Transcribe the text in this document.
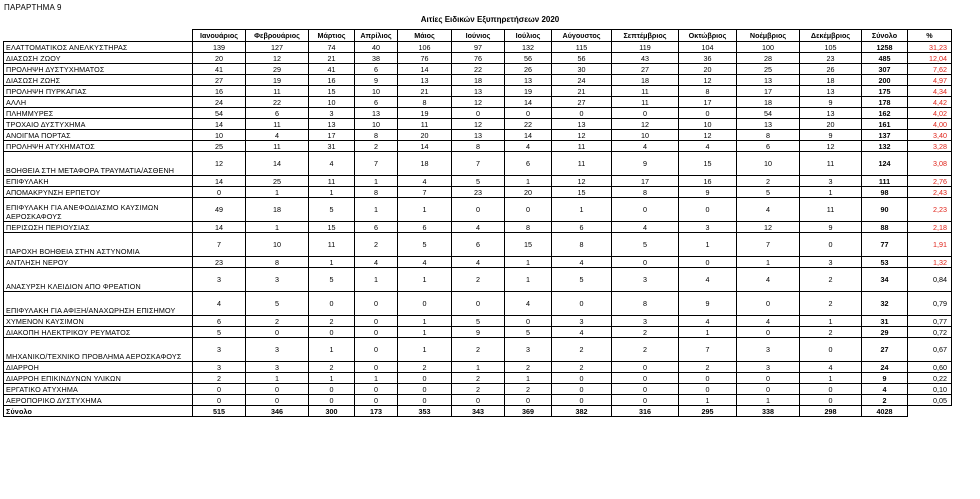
ΠΑΡΑΡΤΗΜΑ 9
Αιτίες Ειδικών Εξυπηρετήσεων 2020
	Ιανουάριος	Φεβρουάριος	Μάρτιος	Απρίλιος	Μάιος	Ιούνιος	Ιούλιος	Αύγουστος	Σεπτέμβριος	Οκτώβριος	Νοέμβριος	Δεκέμβριος	Σύνολο	%
ΕΛΑΤΤΟΜΑΤΙΚΟΣ ΑΝΕΛΚΥΣΤΗΡΑΣ	139	127	74	40	106	97	132	115	119	104	100	105	1258	31,23
ΔΙΑΣΩΣΗ ΖΩΟΥ	20	12	21	38	76	76	56	56	43	36	28	23	485	12,04
ΠΡΟΛΗΨΗ ΔΥΣΤΥΧΗΜΑΤΟΣ	41	29	41	6	14	22	26	30	27	20	25	26	307	7,62
ΔΙΑΣΩΣΗ ΖΩΗΣ	27	19	16	9	13	18	13	24	18	12	13	18	200	4,97
ΠΡΟΛΗΨΗ ΠΥΡΚΑΓΙΑΣ	16	11	15	10	21	13	19	21	11	8	17	13	175	4,34
ΑΛΛΗ	24	22	10	6	8	12	14	27	11	17	18	9	178	4,42
ΠΛΗΜΜΥΡΕΣ	54	6	3	13	19	0	0	0	0	0	54	13	162	4,02
ΤΡΟΧΑΙΟ ΔΥΣΤΥΧΗΜΑ	14	11	13	10	11	12	22	13	12	10	13	20	161	4,00
ΑΝΟΙΓΜΑ ΠΟΡΤΑΣ	10	4	17	8	20	13	14	12	10	12	8	9	137	3,40
ΠΡΟΛΗΨΗ ΑΤΥΧΗΜΑΤΟΣ	25	11	31	2	14	8	4	11	4	4	6	12	132	3,28
ΒΟΗΘΕΙΑ ΣΤΗ ΜΕΤΑΦΟΡΑ ΤΡΑΥΜΑΤΙΑ/ΑΣΘΕΝΗ	12	14	4	7	18	7	6	11	9	15	10	11	124	3,08
ΕΠΙΦΥΛΑΚΗ	14	25	11	1	4	5	1	12	17	16	2	3	111	2,76
ΑΠΟΜΑΚΡΥΝΣΗ ΕΡΠΕΤΟΥ	0	1	1	8	7	23	20	15	8	9	5	1	98	2,43
ΕΠΙΦΥΛΑΚΗ ΓΙΑ ΑΝΕΦΟΔΙΑΣΜΟ ΚΑΥΣΙΜΩΝ ΑΕΡΟΣΚΑΦΟΥΣ	49	18	5	1	1	0	0	1	0	0	4	11	90	2,23
ΠΕΡΙΣΩΣΗ ΠΕΡΙΟΥΣΙΑΣ	14	1	15	6	6	4	8	6	4	3	12	9	88	2,18
ΠΑΡΟΧΗ ΒΟΗΘΕΙΑ ΣΤΗΝ ΑΣΤΥΝΟΜΙΑ	7	10	11	2	5	6	15	8	5	1	7	0	77	1,91
ΑΝΤΛΗΣΗ ΝΕΡΟΥ	23	8	1	4	4	4	1	4	0	0	1	3	53	1,32
ΑΝΑΣΥΡΣΗ ΚΛΕΙΔΙΟΝ ΑΠΟ ΦΡΕΑΤΙΟΝ	3	3	5	1	1	2	1	5	3	4	4	2	34	0,84
ΕΠΙΦΥΛΑΚΗ ΓΙΑ ΑΦΙΞΗ/ΑΝΑΧΩΡΗΣΗ ΕΠΙΣΗΜΟΥ	4	5	0	0	0	0	4	0	8	9	0	2	32	0,79
ΧΥΜΕΝΟΝ ΚΑΥΣΙΜΟΝ	6	2	2	0	1	5	0	3	3	4	4	1	31	0,77
ΔΙΑΚΟΠΗ ΗΛΕΚΤΡΙΚΟΥ ΡΕΥΜΑΤΟΣ	5	0	0	0	1	9	5	4	2	1	0	2	29	0,72
ΜΗΧΑΝΙΚΟ/ΤΕΧΝΙΚΟ ΠΡΟΒΛΗΜΑ ΑΕΡΟΣΚΑΦΟΥΣ	3	3	1	0	1	2	3	2	2	7	3	0	27	0,67
ΔΙΑΡΡΟΗ	3	3	2	0	2	1	2	2	0	2	3	4	24	0,60
ΔΙΑΡΡΟΗ ΕΠΙΚΙΝΔΥΝΩΝ ΥΛΙΚΩΝ	2	1	1	1	0	2	1	0	0	0	0	1	9	0,22
ΕΡΓΑΤΙΚΟ ΑΤΥΧΗΜΑ	0	0	0	0	0	2	2	0	0	0	0	0	4	0,10
ΑΕΡΟΠΟΡΙΚΟ ΔΥΣΤΥΧΗΜΑ	0	0	0	0	0	0	0	0	0	1	1	0	2	0,05
Σύνολο	515	346	300	173	353	343	369	382	316	295	338	298	4028	
